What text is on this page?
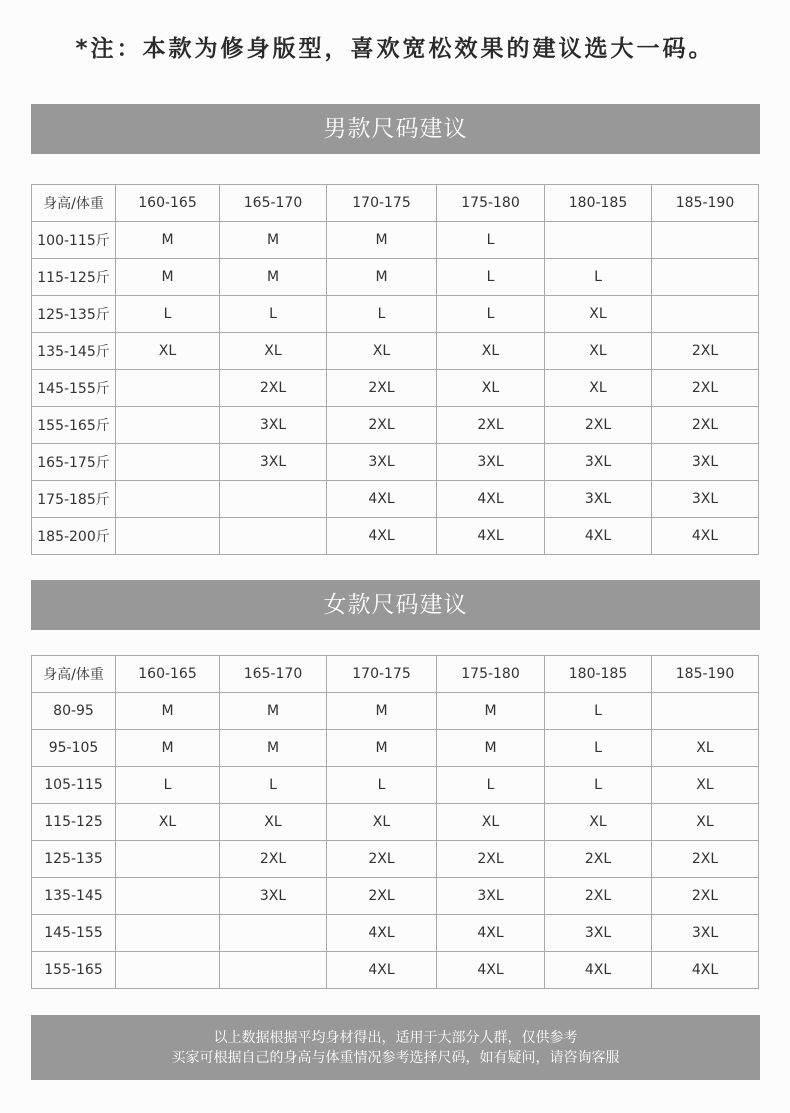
*注：本款为修身版型，喜欢宽松效果的建议选大一码。
男款尺码建议
身高/体重	160-165	165-170	170-175	175-180	180-185	185-190
100-115斤	M	M	M	L		
115-125斤	M	M	M	L	L	
125-135斤	L	L	L	L	XL	
135-145斤	XL	XL	XL	XL	XL	2XL
145-155斤		2XL	2XL	XL	XL	2XL
155-165斤		3XL	2XL	2XL	2XL	2XL
165-175斤		3XL	3XL	3XL	3XL	3XL
175-185斤			4XL	4XL	3XL	3XL
185-200斤			4XL	4XL	4XL	4XL
女款尺码建议
身高/体重	160-165	165-170	170-175	175-180	180-185	185-190
80-95	M	M	M	M	L	
95-105	M	M	M	M	L	XL
105-115	L	L	L	L	L	XL
115-125	XL	XL	XL	XL	XL	XL
125-135		2XL	2XL	2XL	2XL	2XL
135-145		3XL	2XL	3XL	2XL	2XL
145-155			4XL	4XL	3XL	3XL
155-165			4XL	4XL	4XL	4XL
以上数据根据平均身材得出，适用于大部分人群，仅供参考
买家可根据自己的身高与体重情况参考选择尺码，如有疑问，请咨询客服
